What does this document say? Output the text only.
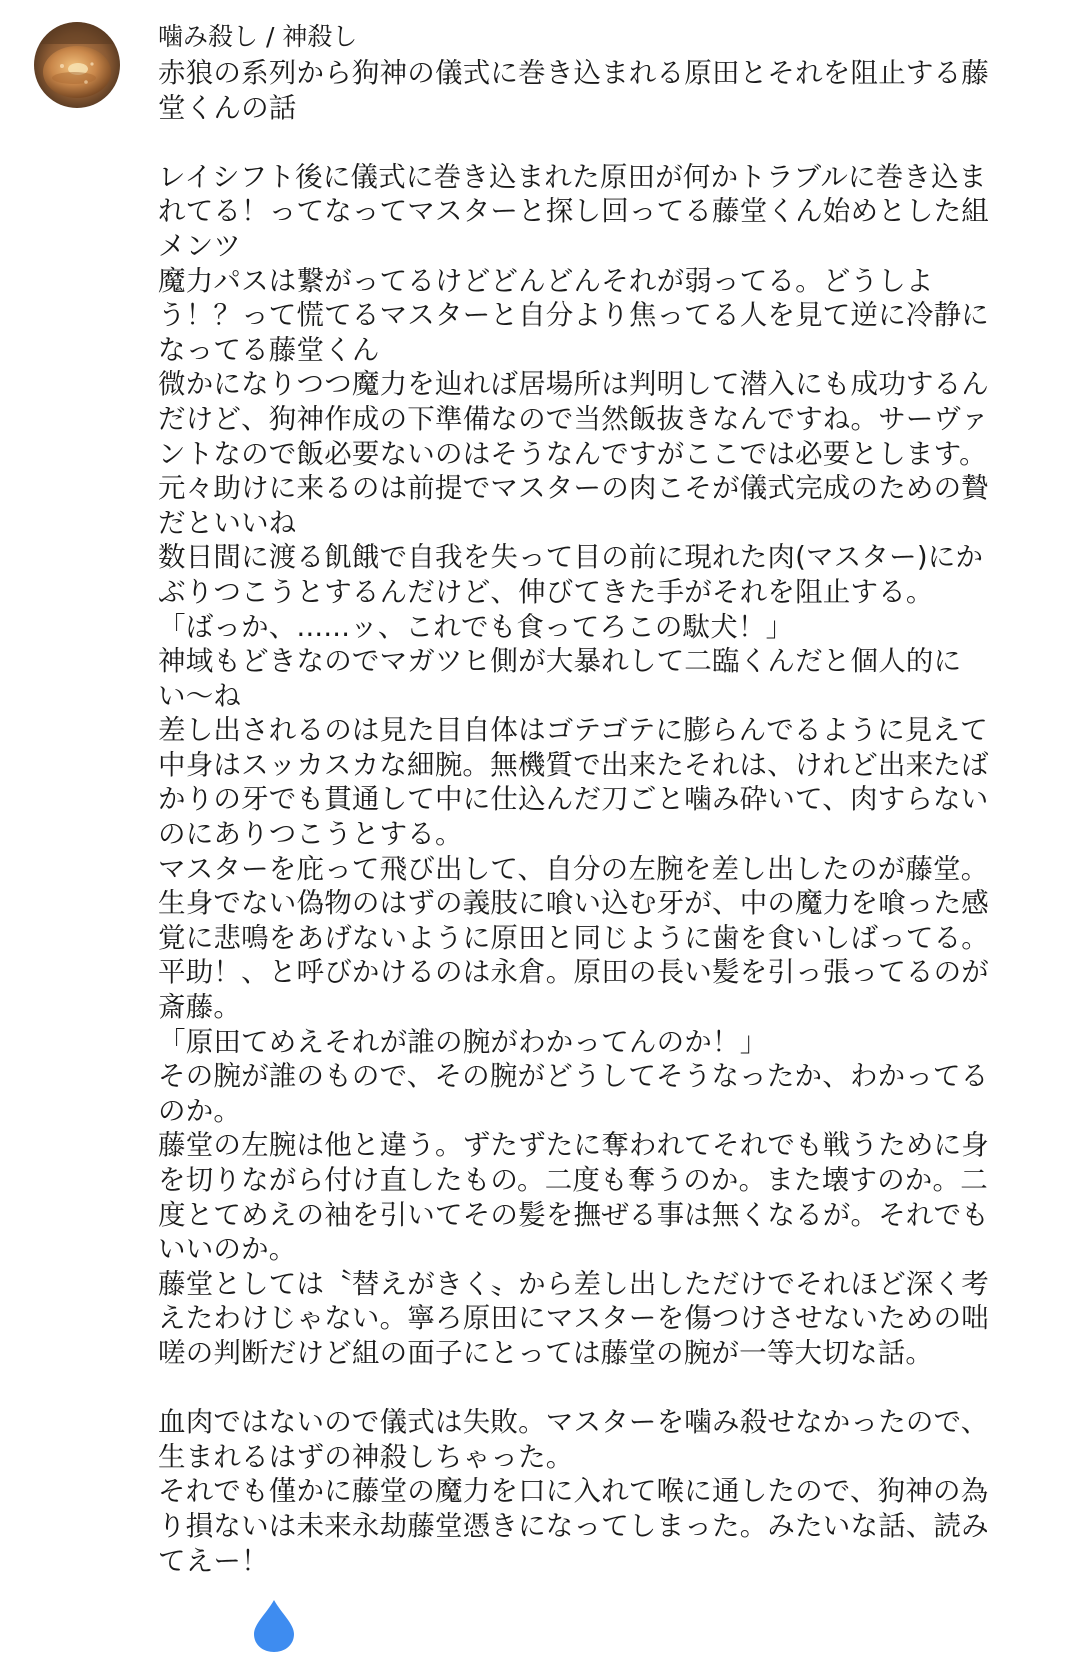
噛み殺し / 神殺し
赤狼の系列から狗神の儀式に巻き込まれる原田とそれを阻止する藤
堂くんの話

レイシフト後に儀式に巻き込まれた原田が何かトラブルに巻き込ま
れてる！ってなってマスターと探し回ってる藤堂くん始めとした組
メンツ
魔力パスは繋がってるけどどんどんそれが弱ってる。どうしよ
う！？って慌てるマスターと自分より焦ってる人を見て逆に冷静に
なってる藤堂くん
微かになりつつ魔力を辿れば居場所は判明して潜入にも成功するん
だけど、狗神作成の下準備なので当然飯抜きなんですね。サーヴァ
ントなので飯必要ないのはそうなんですがここでは必要とします。
元々助けに来るのは前提でマスターの肉こそが儀式完成のための贄
だといいね
数日間に渡る飢餓で自我を失って目の前に現れた肉(マスター)にか
ぶりつこうとするんだけど、伸びてきた手がそれを阻止する。
「ばっか、......ッ、これでも食ってろこの駄犬！」
神域もどきなのでマガツヒ側が大暴れして二臨くんだと個人的に
い〜ね
差し出されるのは見た目自体はゴテゴテに膨らんでるように見えて
中身はスッカスカな細腕。無機質で出来たそれは、けれど出来たば
かりの牙でも貫通して中に仕込んだ刀ごと噛み砕いて、肉すらない
のにありつこうとする。
マスターを庇って飛び出して、自分の左腕を差し出したのが藤堂。
生身でない偽物のはずの義肢に喰い込む牙が、中の魔力を喰った感
覚に悲鳴をあげないように原田と同じように歯を食いしばってる。
平助！、と呼びかけるのは永倉。原田の長い髪を引っ張ってるのが
斎藤。
「原田てめえそれが誰の腕がわかってんのか！」
その腕が誰のもので、その腕がどうしてそうなったか、わかってる
のか。
藤堂の左腕は他と違う。ずたずたに奪われてそれでも戦うために身
を切りながら付け直したもの。二度も奪うのか。また壊すのか。二
度とてめえの袖を引いてその髪を撫ぜる事は無くなるが。それでも
いいのか。
藤堂としては〝替えがきく〟から差し出しただけでそれほど深く考
えたわけじゃない。寧ろ原田にマスターを傷つけさせないための咄
嗟の判断だけど組の面子にとっては藤堂の腕が一等大切な話。

血肉ではないので儀式は失敗。マスターを噛み殺せなかったので、
生まれるはずの神殺しちゃった。
それでも僅かに藤堂の魔力を口に入れて喉に通したので、狗神の為
り損ないは未来永劫藤堂憑きになってしまった。みたいな話、読み
てえー！
